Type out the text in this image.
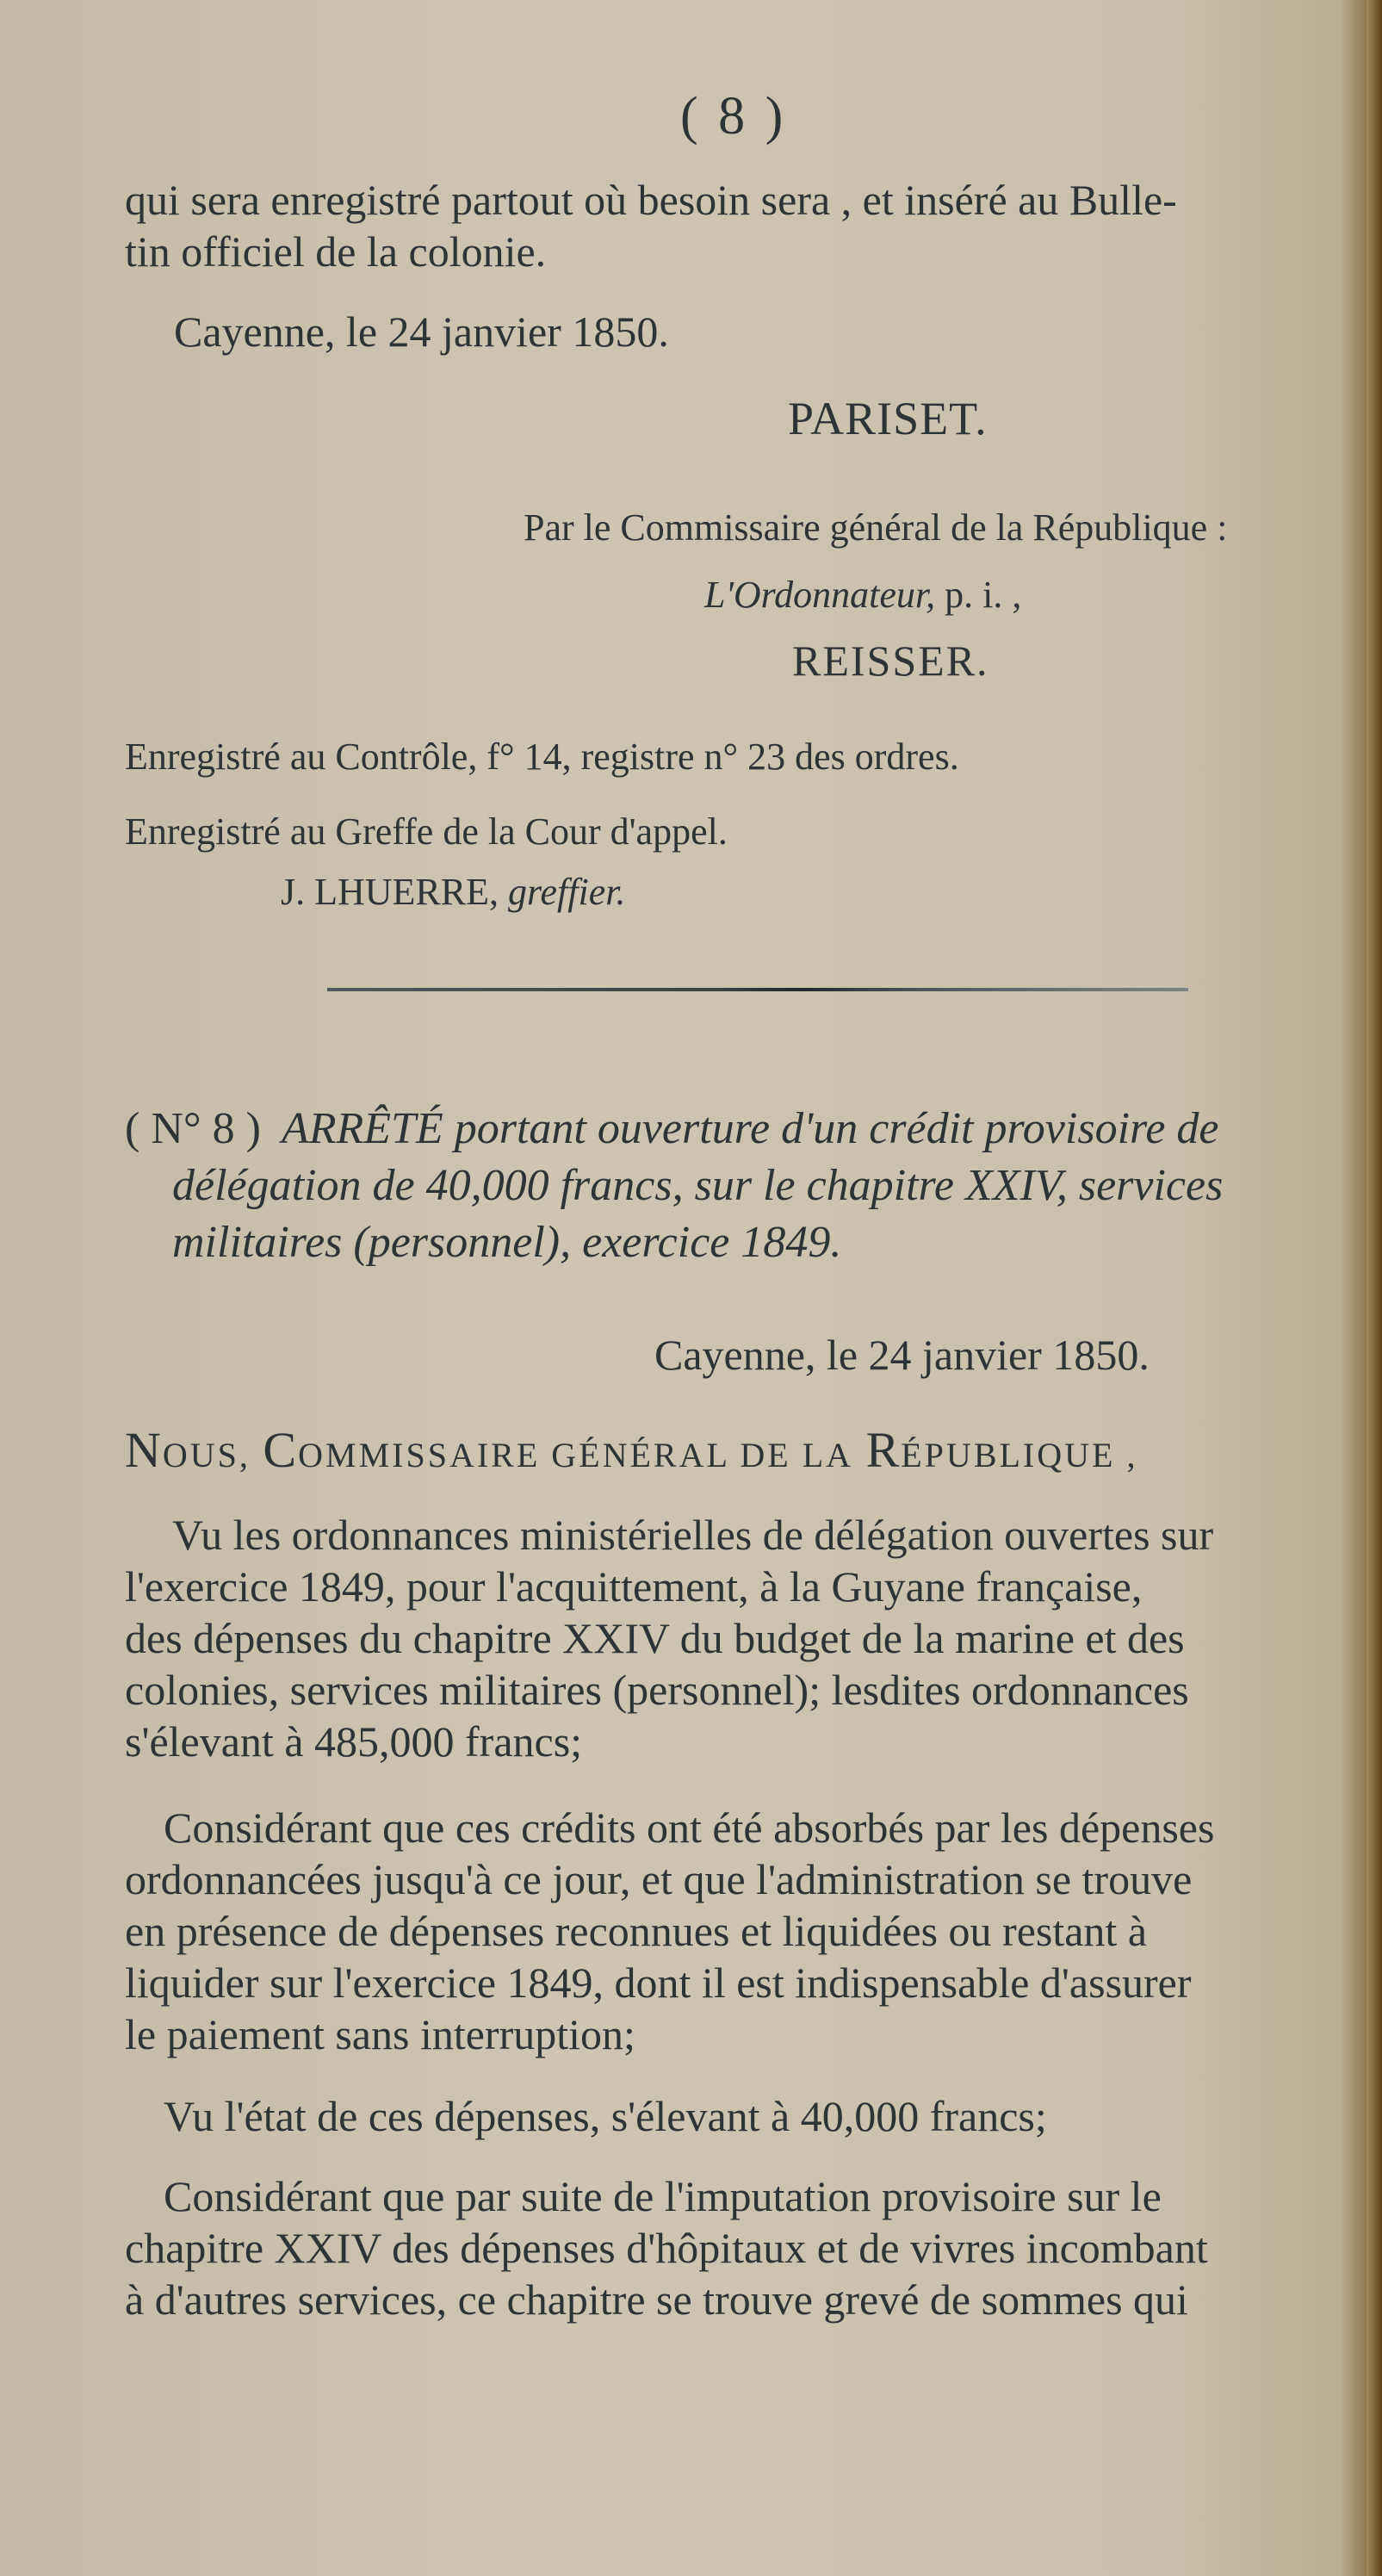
( 8 )
qui sera enregistré partout où besoin sera , et inséré au Bulle-
tin officiel de la colonie.
Cayenne, le 24 janvier 1850.
PARISET.
Par le Commissaire général de la République :
L'Ordonnateur, p. i. ,
REISSER.
Enregistré au Contrôle, f° 14, registre n° 23 des ordres.
Enregistré au Greffe de la Cour d'appel.
J. LHUERRE, greffier.
( N° 8 ) ARRÊTÉ portant ouverture d'un crédit provisoire de
délégation de 40,000 francs, sur le chapitre XXIV, services
militaires (personnel), exercice 1849.
Cayenne, le 24 janvier 1850.
NOUS, COMMISSAIRE GÉNÉRAL DE LA RÉPUBLIQUE ,
Vu les ordonnances ministérielles de délégation ouvertes sur
l'exercice 1849, pour l'acquittement, à la Guyane française,
des dépenses du chapitre XXIV du budget de la marine et des
colonies, services militaires (personnel); lesdites ordonnances
s'élevant à 485,000 francs;
Considérant que ces crédits ont été absorbés par les dépenses
ordonnancées jusqu'à ce jour, et que l'administration se trouve
en présence de dépenses reconnues et liquidées ou restant à
liquider sur l'exercice 1849, dont il est indispensable d'assurer
le paiement sans interruption;
Vu l'état de ces dépenses, s'élevant à 40,000 francs;
Considérant que par suite de l'imputation provisoire sur le
chapitre XXIV des dépenses d'hôpitaux et de vivres incombant
à d'autres services, ce chapitre se trouve grevé de sommes qui
